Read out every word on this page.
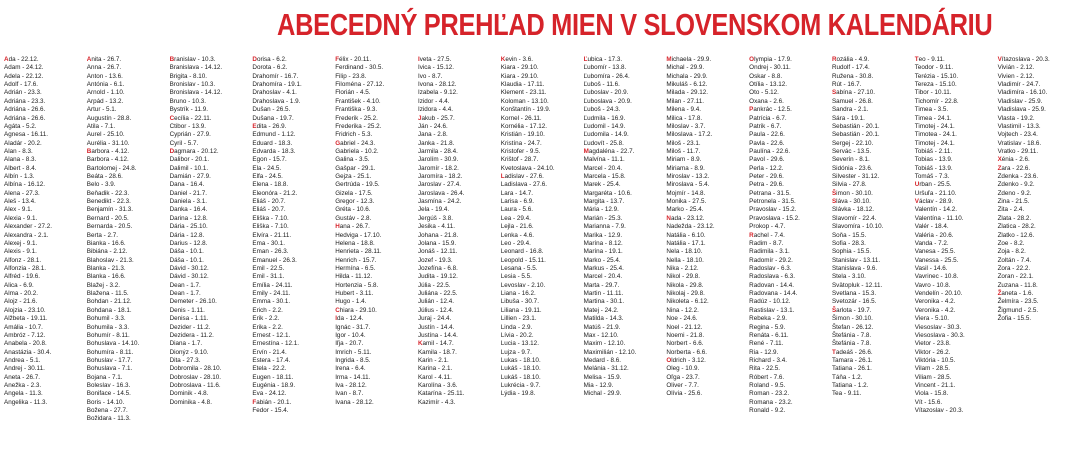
ABECEDNÝ PREHĽAD MIEN V SLOVENSKOM KALENDÁRIU
Ada - 22.12.
Adam - 24.12.
Adela - 22.12.
Adolf - 17.6.
Adrián - 23.3.
Adriána - 23.3.
Adriána - 26.6.
Adriána - 26.6.
Agáta - 5.2.
Agnesa - 16.11.
Aladár - 20.2.
Alan - 8.3.
Alana - 8.3.
Albert - 8.4.
Albín - 1.3.
Albína - 16.12.
Alena - 27.3.
Aleš - 13.4.
Alex - 9.1.
Alexia - 9.1.
Alexander - 27.2.
Alexandra - 2.1.
Alexej - 9.1.
Alexis - 9.1.
Alfonz - 28.1.
Alfonzia - 28.1.
Alfréd - 19.6.
Alica - 6.9.
Alma - 20.2.
Alojz - 21.6.
Alojzia - 23.10.
Alžbeta - 19.11.
Amália - 10.7.
Ambróz - 7.12.
Anabela - 20.8.
Anastázia - 30.4.
Andrea - 5.1.
Andrej - 30.11.
Aneta - 26.7.
Anežka - 2.3.
Angela - 11.3.
Angelika - 11.3.
Anita - 26.7.
Anna - 26.7.
Anton - 13.6.
Antónia - 6.1.
Arnold - 1.10.
Arpád - 13.2.
Artur - 5.1.
Augustín - 28.8.
Atila - 7.1.
Aurel - 25.10.
Aurélia - 31.10.
Barbora - 4.12.
Barbora - 4.12.
Bartolomej - 24.8.
Beáta - 28.6.
Belo - 3.9.
Beňadik - 22.3.
Benedikt - 22.3.
Benjamín - 31.3.
Bernard - 20.5.
Bernarda - 20.5.
Berta - 2.7.
Bianka - 16.6.
Bibiána - 2.12.
Blahoslav - 21.3.
Blanka - 21.3.
Blanka - 16.6.
Blažej - 3.2.
Blažena - 11.5.
Bohdan - 21.12.
Bohdana - 18.1.
Bohumil - 3.3.
Bohumila - 3.3.
Bohumír - 8.11.
Bohuslava - 14.10.
Bohumíra - 8.11.
Bohuslav - 17.7.
Bohuslava - 7.1.
Bojana - 7.1.
Boleslav - 16.3.
Boniface - 14.5.
Boris - 14.10.
Božena - 27.7.
Božidara - 11.3.
Branislav - 10.3.
Branislava - 14.12.
Brigita - 8.10.
Bronislav - 10.3.
Bronislava - 14.12.
Bruno - 10.3.
Bystrík - 11.9.
Cecília - 22.11.
Ctibor - 13.9.
Cyprián - 27.9.
Cyril - 5.7.
Dagmara - 20.12.
Dalibor - 20.1.
Dalimil - 10.1.
Damián - 27.9.
Dana - 16.4.
Daniel - 21.7.
Daniela - 3.1.
Danka - 16.4.
Darina - 12.8.
Dária - 25.10.
Dária - 12.8.
Darius - 12.8.
Dáša - 10.1.
Dáša - 10.1.
Dávid - 30.12.
Dávid - 30.12.
Dean - 1.7.
Dean - 1.7.
Demeter - 26.10.
Denis - 1.11.
Denisa - 1.11.
Dezider - 11.2.
Dezidera - 11.2.
Diana - 1.7.
Dionýz - 9.10.
Dita - 27.3.
Dobromila - 28.10.
Dobroslav - 28.10.
Dobroslava - 11.6.
Dominik - 4.8.
Dominika - 4.8.
Dorisa - 6.2.
Dorota - 6.2.
Drahomír - 16.7.
Drahomíra - 19.1.
Drahoslav - 4.1.
Drahoslava - 1.9.
Dušan - 26.5.
Dušana - 19.7.
Edita - 26.9.
Edmund - 1.12.
Eduard - 18.3.
Edvarda - 18.3.
Egon - 15.7.
Ela - 24.5.
Elfa - 24.5.
Elena - 18.8.
Eleonóra - 21.2.
Eliáš - 20.7.
Eliáš - 20.7.
Eliška - 7.10.
Eliška - 7.10.
Elvíra - 21.11.
Ema - 30.1.
Eman - 26.3.
Emanuel - 26.3.
Emil - 22.5.
Emil - 31.1.
Emília - 24.11.
Emily - 24.11.
Emma - 30.1.
Erich - 2.2.
Erik - 2.2.
Erika - 2.2.
Ernest - 12.1.
Ernestína - 12.1.
Ervín - 21.4.
Estera - 17.4.
Etela - 22.2.
Eugen - 18.11.
Eugénia - 18.9.
Eva - 24.12.
Fabián - 20.1.
Fedor - 15.4.
Félix - 20.11.
Ferdinand - 30.5.
Filip - 23.8.
Filoména - 27.12.
Florián - 4.5.
František - 4.10.
Františka - 9.3.
Frederik - 25.2.
Frederika - 25.2.
Fridrich - 5.3.
Gabriel - 24.3.
Gabriela - 10.2.
Galina - 3.5.
Gašpar - 29.1.
Gejza - 25.1.
Gertrúda - 19.5.
Gizela - 17.5.
Gregor - 12.3.
Gréta - 10.6.
Gustáv - 2.8.
Hana - 26.7.
Hedviga - 17.10.
Helena - 18.8.
Henrieta - 28.11.
Henrich - 15.7.
Hermína - 6.5.
Hilda - 11.12.
Hortenzia - 5.8.
Hubert - 3.11.
Hugo - 1.4.
Chiara - 29.10.
Ida - 12.4.
Ignác - 31.7.
Igor - 10.4.
Iľja - 20.7.
Imrich - 5.11.
Ingrida - 8.5.
Irena - 6.4.
Irma - 14.11.
Iva - 28.12.
Ivan - 8.7.
Ivana - 28.12.
Iveta - 27.5.
Ivica - 15.12.
Ivo - 8.7.
Ivona - 28.12.
Izabela - 9.12.
Izidor - 4.4.
Izidora - 4.4.
Jakub - 25.7.
Ján - 24.6.
Jana - 2.8.
Janka - 21.8.
Jarmila - 28.4.
Jarolím - 30.9.
Jaromír - 18.2.
Jaromíra - 18.2.
Jaroslav - 27.4.
Jaroslava - 26.4.
Jasmína - 24.2.
Jela - 19.4.
Jergúš - 3.8.
Jesika - 4.11.
Johana - 21.8.
Jolana - 15.9.
Jonáš - 12.11.
Jozef - 19.3.
Jozefína - 6.8.
Judita - 19.12.
Júlia - 22.5.
Juliána - 22.5.
Julián - 12.4.
Július - 12.4.
Juraj - 24.4.
Justín - 14.4.
Justína - 14.4.
Kamil - 14.7.
Kamila - 18.7.
Karin - 2.1.
Karina - 2.1.
Karol - 4.11.
Karolína - 3.6.
Katarína - 25.11.
Kazimír - 4.3.
Kevin - 3.6.
Kiara - 29.10.
Kiara - 29.10.
Klaudia - 17.11.
Klement - 23.11.
Koloman - 13.10.
Konštantín - 19.9.
Kornel - 26.11.
Kornélia - 17.12.
Kristián - 19.10.
Kristína - 24.7.
Kristofer - 9.5.
Krištof - 28.7.
Kvetoslava - 24.10.
Ladislav - 27.6.
Ladislava - 27.6.
Lara - 14.7.
Larisa - 6.9.
Laura - 5.6.
Lea - 29.4.
Lejla - 21.6.
Lenka - 4.6.
Leo - 29.4.
Leonard - 16.8.
Leopold - 15.11.
Lesana - 5.5.
Lesia - 5.5.
Levoslav - 2.10.
Liana - 16.2.
Libuša - 30.7.
Liliana - 19.11.
Lillien - 23.1.
Linda - 2.9.
Lívia - 20.2.
Lucia - 13.12.
Lujza - 9.7.
Lukas - 18.10.
Lukáš - 18.10.
Lukáš - 18.10.
Lukrécia - 9.7.
Lýdia - 19.8.
Ľubica - 17.3.
Ľubomír - 13.8.
Ľubomíra - 26.4.
Ľuboš - 11.6.
Ľuboslav - 20.9.
Ľuboslava - 20.9.
Ľuboš - 24.3.
Ľudmila - 16.9.
Ľudomil - 14.9.
Ľudomila - 14.9.
Ľudovít - 25.8.
Magdaléna - 22.7.
Malvína - 11.1.
Marcel - 20.4.
Marcela - 15.8.
Marek - 25.4.
Margaréta - 10.6.
Margita - 13.7.
Mária - 12.9.
Marián - 25.3.
Marianna - 7.9.
Marika - 12.9.
Marína - 8.12.
Marína - 19.1.
Marko - 25.4.
Markus - 25.4.
Marcel - 20.4.
Marta - 29.7.
Martin - 11.11.
Martina - 30.1.
Matej - 24.2.
Matilda - 14.3.
Matúš - 21.9.
Max - 12.10.
Maxim - 12.10.
Maximilián - 12.10.
Medard - 8.6.
Melánia - 31.12.
Melisa - 15.9.
Mia - 12.9.
Michal - 29.9.
Michaela - 29.9.
Michal - 29.9.
Michala - 29.9.
Mikuláš - 6.12.
Milada - 29.12.
Milan - 27.11.
Milena - 9.4.
Milica - 17.8.
Miloslav - 3.7.
Miloslava - 17.2.
Miloš - 23.1.
Miloš - 11.7.
Miriam - 8.9.
Miriama - 8.9.
Miroslav - 13.2.
Miroslava - 5.4.
Mojmír - 14.8.
Monika - 27.5.
Marko - 25.4.
Nada - 23.12.
Nadežda - 23.12.
Natália - 6.10.
Natália - 17.1.
Nela - 18.10.
Nella - 18.10.
Nika - 2.12.
Nikol - 29.8.
Nikola - 29.8.
Nikolaj - 29.8.
Nikoleta - 6.12.
Nina - 12.2.
Noe - 24.6.
Noel - 21.12.
Noemi - 21.8.
Norbert - 6.6.
Norberta - 6.6.
Oldrich - 3.12.
Oleg - 10.9.
Oľga - 23.7.
Oliver - 7.7.
Olívia - 25.6.
Olympia - 17.9.
Ondrej - 30.11.
Oskar - 8.8.
Otília - 13.12.
Oto - 5.12.
Oxana - 2.6.
Pankrác - 12.5.
Patrícia - 6.7.
Patrik - 6.7.
Paula - 22.6.
Pavla - 22.6.
Paulína - 22.6.
Pavol - 29.6.
Perla - 12.2.
Peter - 29.6.
Petra - 29.6.
Petrana - 31.5.
Petronela - 31.5.
Pravoslav - 15.2.
Pravoslava - 15.2.
Prokop - 4.7.
Rachel - 7.4.
Radim - 8.7.
Radimila - 3.1.
Radomír - 29.2.
Radoslav - 6.3.
Radoslava - 6.3.
Radovan - 14.4.
Radovana - 14.4.
Radúz - 10.12.
Rastislav - 13.1.
Rebeka - 2.9.
Regina - 5.9.
Renáta - 6.11.
René - 7.11.
Ria - 12.9.
Richard - 3.4.
Rita - 22.5.
Róbert - 7.6.
Roland - 9.5.
Roman - 23.2.
Romana - 23.2.
Ronald - 9.2.
Rozália - 4.9.
Rudolf - 17.4.
Ružena - 30.8.
Rút - 16.7.
Sabína - 27.10.
Samuel - 26.8.
Sandra - 2.1.
Sára - 19.1.
Sebastián - 20.1.
Sebastián - 20.1.
Sergej - 22.10.
Servác - 13.5.
Severín - 8.1.
Sidónia - 23.6.
Silvester - 31.12.
Silvia - 27.8.
Šimon - 30.10.
Sláva - 30.10.
Slávka - 18.12.
Slavomír - 22.4.
Slavomíra - 10.10.
Soňa - 15.5.
Sofia - 28.3.
Sophia - 15.5.
Stanislav - 13.11.
Stanislava - 9.6.
Stela - 3.10.
Svätopluk - 12.11.
Svetlana - 15.3.
Svetozár - 16.5.
Šarlota - 19.7.
Šimon - 30.10.
Štefan - 26.12.
Štefánia - 7.8.
Štefánia - 7.8.
Tadeáš - 26.6.
Tamara - 26.1.
Tatiana - 26.1.
Táňa - 1.2.
Tatiana - 1.2.
Tea - 9.11.
Teo - 9.11.
Teodor - 9.11.
Terézia - 15.10.
Tereza - 15.10.
Tibor - 10.11.
Tichomír - 22.8.
Timea - 3.5.
Timea - 24.1.
Timotej - 24.1.
Timotea - 24.1.
Timotej - 24.1.
Tobiáš - 2.11.
Tobias - 13.9.
Tobiáš - 13.9.
Tomáš - 7.3.
Urban - 25.5.
Uršuľa - 21.10.
Václav - 28.9.
Valentín - 14.2.
Valentína - 11.10.
Valér - 18.4.
Valéria - 20.6.
Vanda - 7.2.
Vanesa - 25.5.
Vanessa - 25.5.
Vasil - 14.6.
Vavrinec - 10.8.
Vavro - 10.8.
Vendelín - 20.10.
Veronika - 4.2.
Veronika - 4.2.
Viera - 5.10.
Viesoslav - 30.3.
Viesoslava - 30.3.
Vietor - 23.8.
Viktor - 26.2.
Viktória - 10.5.
Vilam - 28.5.
Viliam - 28.5.
Vincent - 21.1.
Viola - 15.8.
Vít - 15.6.
Vítazoslav - 20.3.
Vítazoslava - 20.3.
Vivián - 2.12.
Vivien - 2.12.
Vladimír - 24.7.
Vladimíra - 16.10.
Vladislav - 25.9.
Vladislava - 25.9.
Vlasta - 19.2.
Vlastimil - 13.3.
Vojtech - 23.4.
Vratislav - 18.6.
Vratko - 29.11.
Xénia - 2.6.
Zara - 22.6.
Zdenka - 23.6.
Zdenko - 9.2.
Zdeno - 9.2.
Zina - 21.5.
Zita - 2.4.
Zlata - 28.2.
Zlatica - 28.2.
Zlatko - 12.6.
Zoe - 8.2.
Zoja - 8.2.
Zoltán - 7.4.
Zora - 22.2.
Zoran - 22.1.
Zuzana - 11.8.
Žaneta - 1.6.
Želmíra - 23.5.
Žigmund - 2.5.
Žofia - 15.5.
